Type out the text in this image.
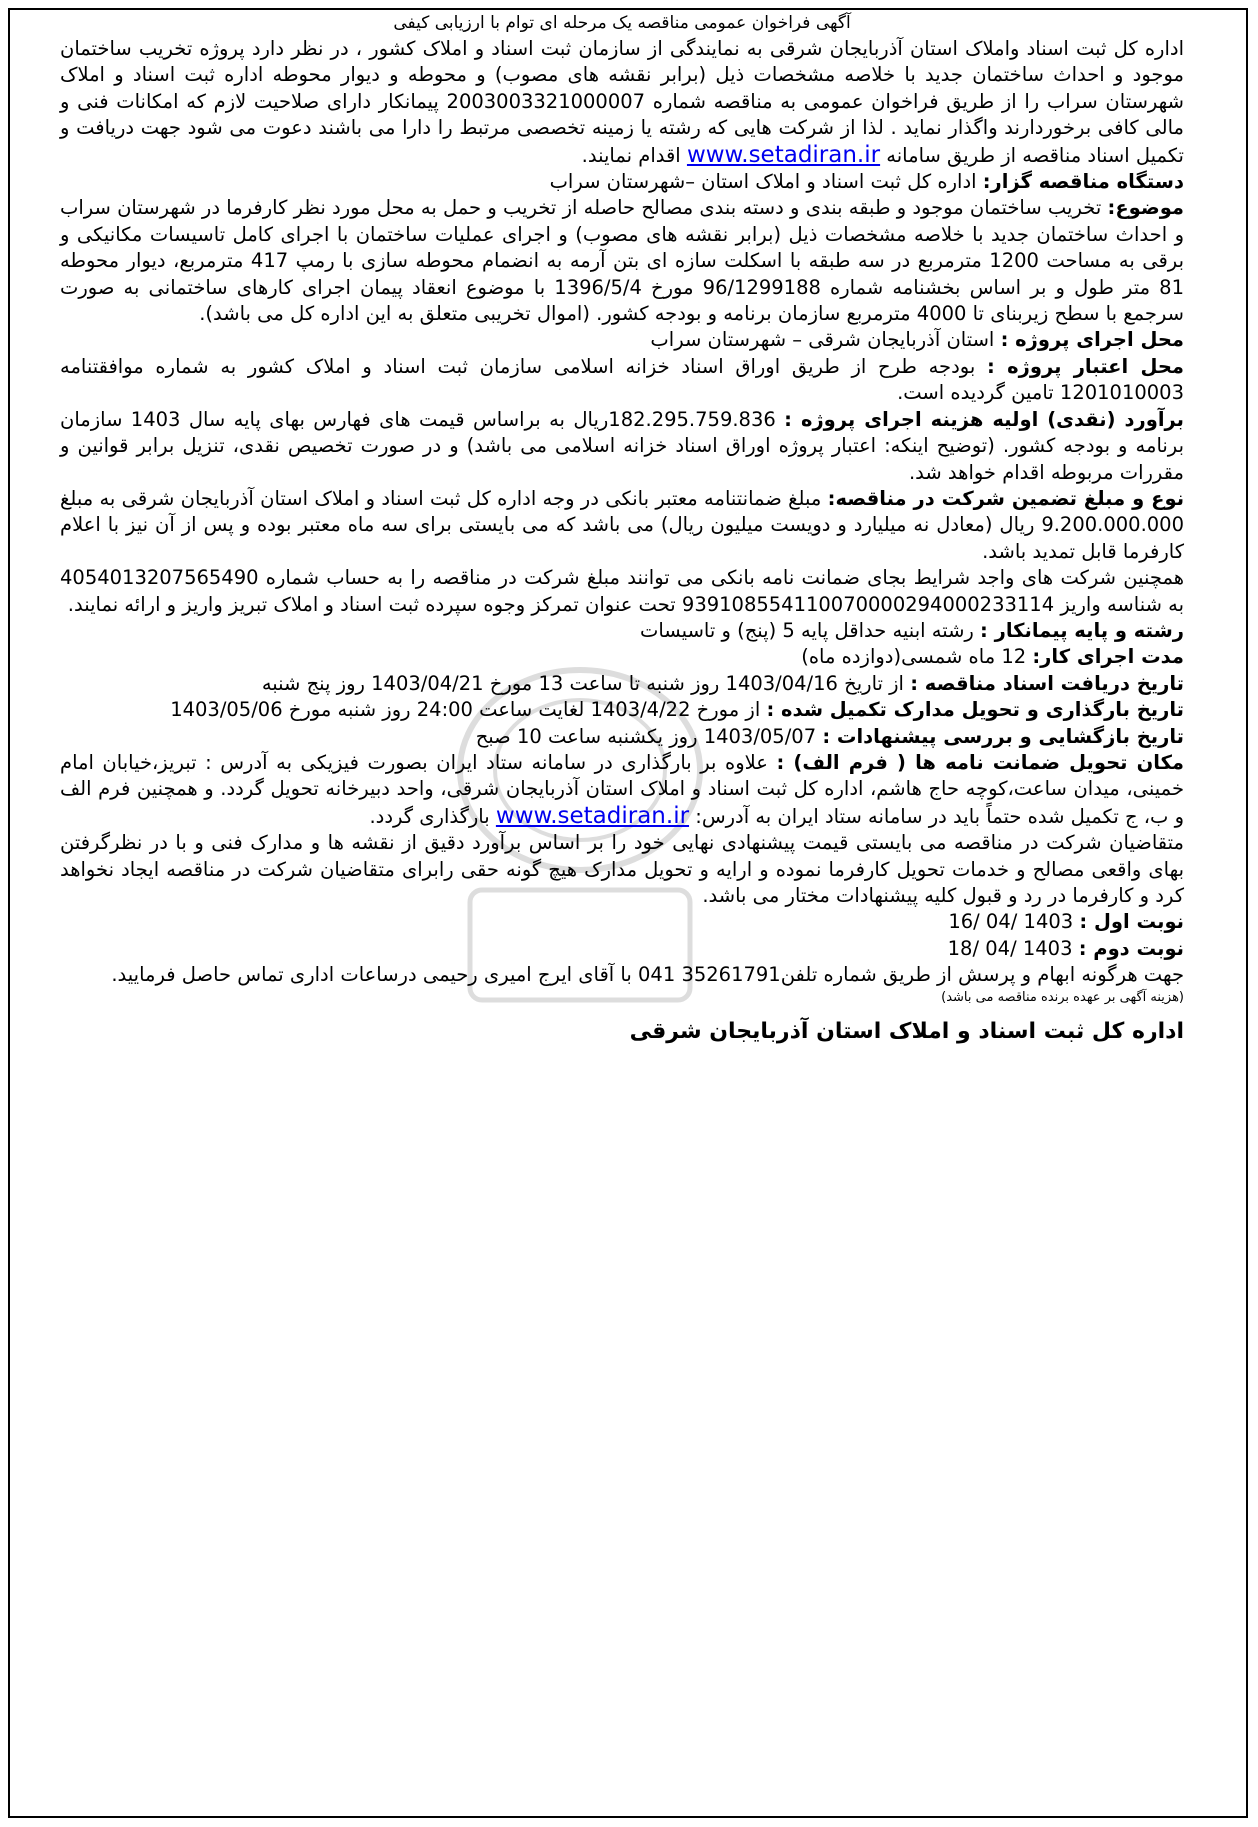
آگهی فراخوان عمومی مناقصه یک مرحله ای توام با ارزیابی کیفی

اداره کل ثبت اسناد واملاک استان آذربایجان شرقی به نمایندگی از سازمان ثبت اسناد و املاک کشور ، در نظر دارد پروژه تخریب ساختمان موجود و احداث ساختمان جدید با خلاصه مشخصات ذیل (برابر نقشه های مصوب) و محوطه و دیوار محوطه اداره ثبت اسناد و املاک شهرستان سراب را از طریق فراخوان عمومی به مناقصه شماره 2003003321000007 پیمانکار دارای صلاحیت لازم که امکانات فنی و مالی کافی برخوردارند واگذار نماید . لذا از شرکت هایی که رشته یا زمینه تخصصی مرتبط را دارا می باشند دعوت می شود جهت دریافت و تکمیل اسناد مناقصه از طریق سامانه www.setadiran.ir اقدام نمایند.

دستگاه مناقصه گزار: اداره کل ثبت اسناد و املاک استان –شهرستان سراب

موضوع: تخریب ساختمان موجود و طبقه بندی و دسته بندی مصالح حاصله از تخریب و حمل به محل مورد نظر کارفرما در شهرستان سراب و احداث ساختمان جدید با خلاصه مشخصات ذیل (برابر نقشه های مصوب) و اجرای عملیات ساختمان با اجرای کامل تاسیسات مکانیکی و برقی به مساحت 1200 مترمربع در سه طبقه با اسکلت سازه ای بتن آرمه به انضمام محوطه سازی با رمپ 417 مترمربع، دیوار محوطه 81 متر طول و بر اساس بخشنامه شماره 96/1299188 مورخ 1396/5/4 با موضوع انعقاد پیمان اجرای کارهای ساختمانی به صورت سرجمع با سطح زیربنای تا 4000 مترمربع سازمان برنامه و بودجه کشور. (اموال تخریبی متعلق به این اداره کل می باشد).

محل اجرای پروژه : استان آذربایجان شرقی – شهرستان سراب

محل اعتبار پروژه : بودجه طرح از طریق اوراق اسناد خزانه اسلامی سازمان ثبت اسناد و املاک کشور به شماره موافقتنامه 1201010003 تامین گردیده است.

برآورد (نقدی) اولیه هزینه اجرای پروژه : 182.295.759.836ریال به براساس قیمت های فهارس بهای پایه سال 1403 سازمان برنامه و بودجه کشور. (توضیح اینکه: اعتبار پروژه اوراق اسناد خزانه اسلامی می باشد) و در صورت تخصیص نقدی، تنزیل برابر قوانین و مقررات مربوطه اقدام خواهد شد.

نوع و مبلغ تضمین شرکت در مناقصه: مبلغ ضمانتنامه معتبر بانکی در وجه اداره کل ثبت اسناد و املاک استان آذربایجان شرقی به مبلغ 9.200.000.000 ریال (معادل نه میلیارد و دویست میلیون ریال) می باشد که می بایستی برای سه ماه معتبر بوده و پس از آن نیز با اعلام کارفرما قابل تمدید باشد.

همچنین شرکت های واجد شرایط بجای ضمانت نامه بانکی می توانند مبلغ شرکت در مناقصه را به حساب شماره 4054013207565490 به شناسه واریز 939108554110070000294000233114 تحت عنوان تمرکز وجوه سپرده ثبت اسناد و املاک تبریز واریز و ارائه نمایند.

رشته و پایه پیمانکار : رشته ابنیه حداقل پایه 5 (پنج) و تاسیسات

مدت اجرای کار: 12 ماه شمسی(دوازده ماه)

تاریخ دریافت اسناد مناقصه : از تاریخ 1403/04/16 روز شنبه تا ساعت 13 مورخ 1403/04/21 روز پنج شنبه

تاریخ بارگذاری و تحویل مدارک تکمیل شده : از مورخ 1403/4/22 لغایت ساعت 24:00 روز شنبه مورخ 1403/05/06

تاریخ بازگشایی و بررسی پیشنهادات : 1403/05/07 روز یکشنبه ساعت 10 صبح

مکان تحویل ضمانت نامه ها ( فرم الف) : علاوه بر بارگذاری در سامانه ستاد ایران بصورت فیزیکی به آدرس : تبریز،خیابان امام خمینی، میدان ساعت،کوچه حاج هاشم، اداره کل ثبت اسناد و املاک استان آذربایجان شرقی، واحد دبیرخانه تحویل گردد. و همچنین فرم الف و ب، ج تکمیل شده حتماً باید در سامانه ستاد ایران به آدرس: www.setadiran.ir بارگذاری گردد.

متقاضیان شرکت در مناقصه می بایستی قیمت پیشنهادی نهایی خود را بر اساس برآورد دقیق از نقشه ها و مدارک فنی و با در نظرگرفتن بهای واقعی مصالح و خدمات تحویل کارفرما نموده و ارایه و تحویل مدارک هیچ گونه حقی رابرای متقاضیان شرکت در مناقصه ایجاد نخواهد کرد و کارفرما در رد و قبول کلیه پیشنهادات مختار می باشد.

نوبت اول : 1403 /04 /16

نوبت دوم : 1403 /04 /18

جهت هرگونه ابهام و پرسش از طریق شماره تلفن35261791 041 با آقای ایرج امیری رحیمی درساعات اداری تماس حاصل فرمایید.

(هزینه آگهی بر عهده برنده مناقصه می باشد)

اداره کل ثبت اسناد و املاک استان آذربایجان شرقی
